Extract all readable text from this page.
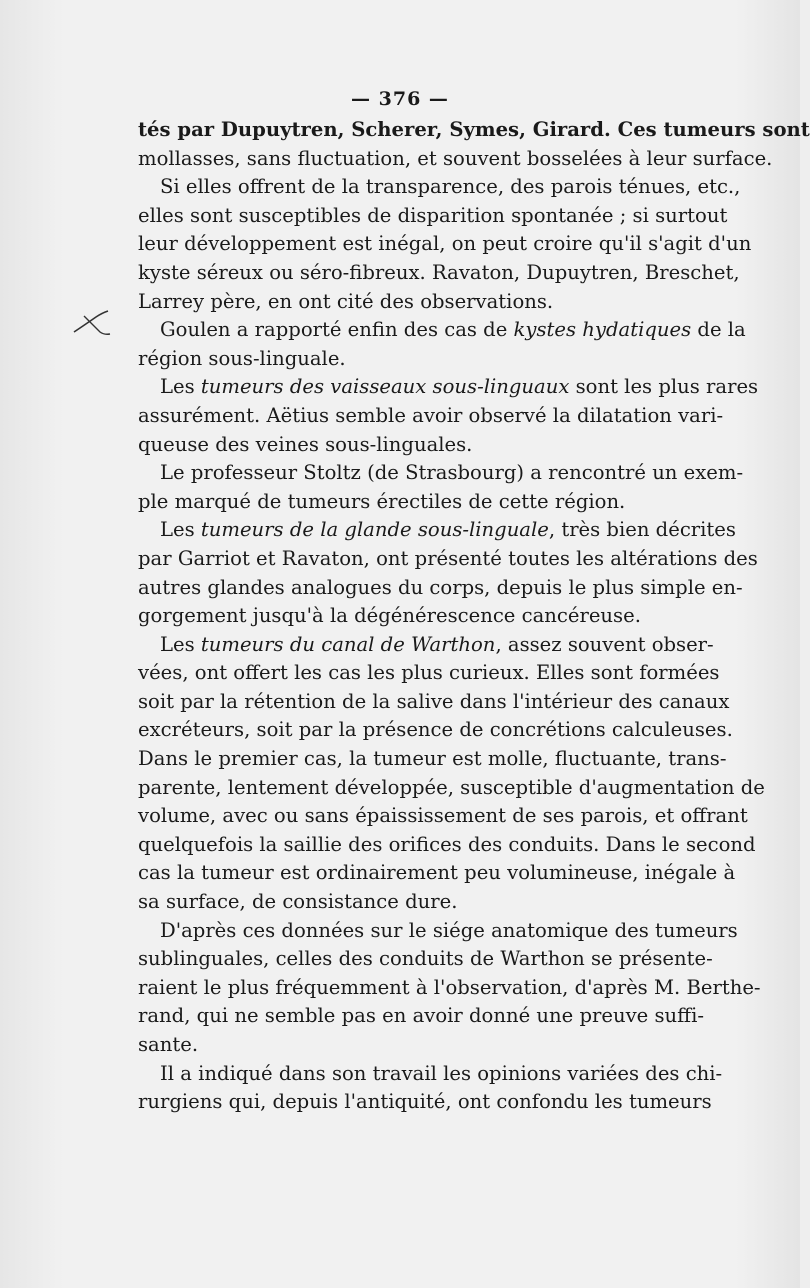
— 376 —
tés par Dupuytren, Scherer, Symes, Girard. Ces tumeurs sont
mollasses, sans fluctuation, et souvent bosselées à leur surface.
Si elles offrent de la transparence, des parois ténues, etc.,
elles sont susceptibles de disparition spontanée ; si surtout
leur développement est inégal, on peut croire qu'il s'agit d'un
kyste séreux ou séro-fibreux. Ravaton, Dupuytren, Breschet,
Larrey père, en ont cité des observations.
Goulen a rapporté enfin des cas de kystes hydatiques de la
région sous-linguale.
Les tumeurs des vaisseaux sous-linguaux sont les plus rares
assurément. Aëtius semble avoir observé la dilatation vari-
queuse des veines sous-linguales.
Le professeur Stoltz (de Strasbourg) a rencontré un exem-
ple marqué de tumeurs érectiles de cette région.
Les tumeurs de la glande sous-linguale, très bien décrites
par Garriot et Ravaton, ont présenté toutes les altérations des
autres glandes analogues du corps, depuis le plus simple en-
gorgement jusqu'à la dégénérescence cancéreuse.
Les tumeurs du canal de Warthon, assez souvent obser-
vées, ont offert les cas les plus curieux. Elles sont formées
soit par la rétention de la salive dans l'intérieur des canaux
excréteurs, soit par la présence de concrétions calculeuses.
Dans le premier cas, la tumeur est molle, fluctuante, trans-
parente, lentement développée, susceptible d'augmentation de
volume, avec ou sans épaississement de ses parois, et offrant
quelquefois la saillie des orifices des conduits. Dans le second
cas la tumeur est ordinairement peu volumineuse, inégale à
sa surface, de consistance dure.
D'après ces données sur le siége anatomique des tumeurs
sublinguales, celles des conduits de Warthon se présente-
raient le plus fréquemment à l'observation, d'après M. Berthe-
rand, qui ne semble pas en avoir donné une preuve suffi-
sante.
Il a indiqué dans son travail les opinions variées des chi-
rurgiens qui, depuis l'antiquité, ont confondu les tumeurs
